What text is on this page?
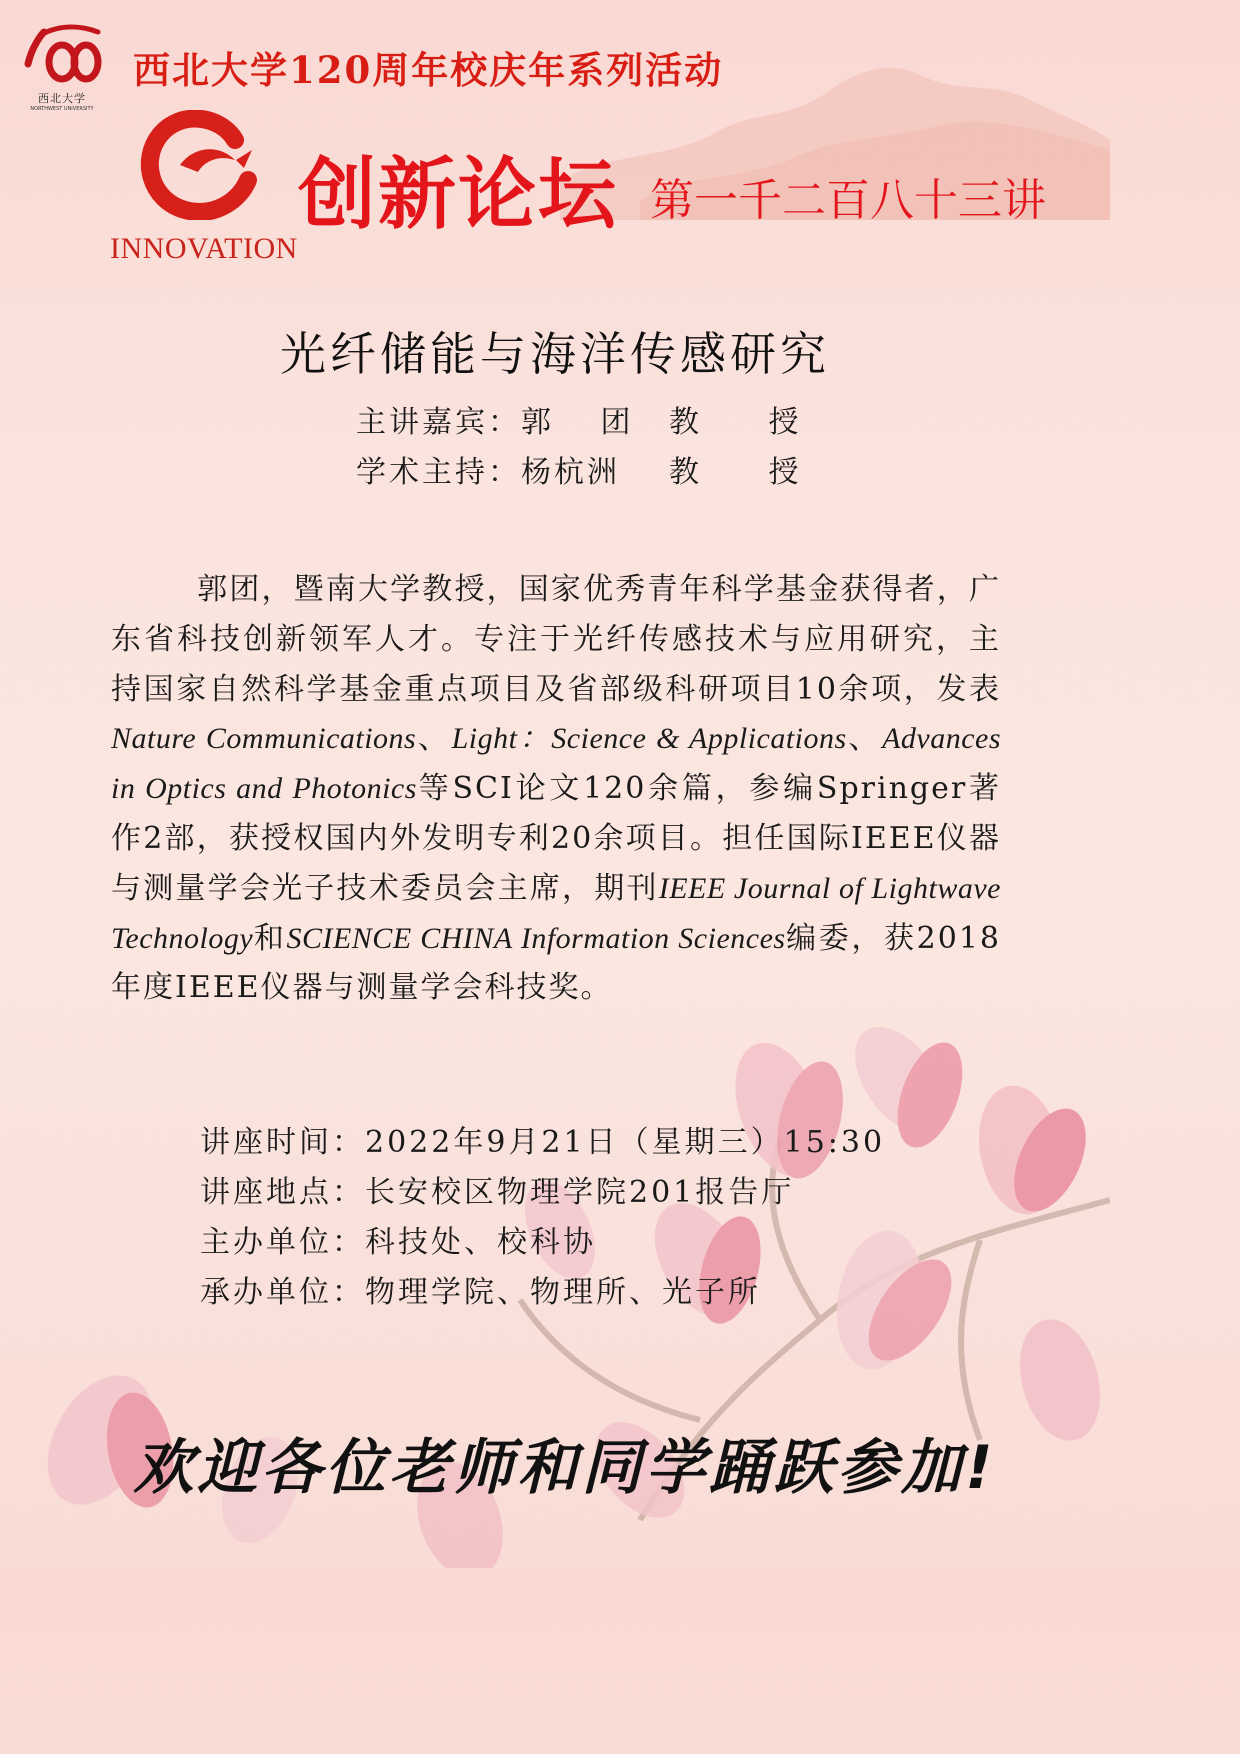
西北大学
NORTHWEST UNIVERSITY
西北大学120周年校庆年系列活动
INNOVATION
创新论坛 第一千二百八十三讲
光纤储能与海洋传感研究
主讲嘉宾：郭 团 教 授
学术主持：杨杭洲 教 授
郭团，暨南大学教授，国家优秀青年科学基金获得者，广东省科技创新领军人才。专注于光纤传感技术与应用研究，主持国家自然科学基金重点项目及省部级科研项目10余项，发表Nature Communications、Light：Science & Applications、Advances in Optics and Photonics等SCI论文120余篇，参编Springer著作2部，获授权国内外发明专利20余项目。担任国际IEEE仪器与测量学会光子技术委员会主席，期刊IEEE Journal of Lightwave Technology和SCIENCE CHINA Information Sciences编委，获2018年度IEEE仪器与测量学会科技奖。
讲座时间：2022年9月21日（星期三）15:30
讲座地点：长安校区物理学院201报告厅
主办单位：科技处、校科协
承办单位：物理学院、物理所、光子所
欢迎各位老师和同学踊跃参加!
